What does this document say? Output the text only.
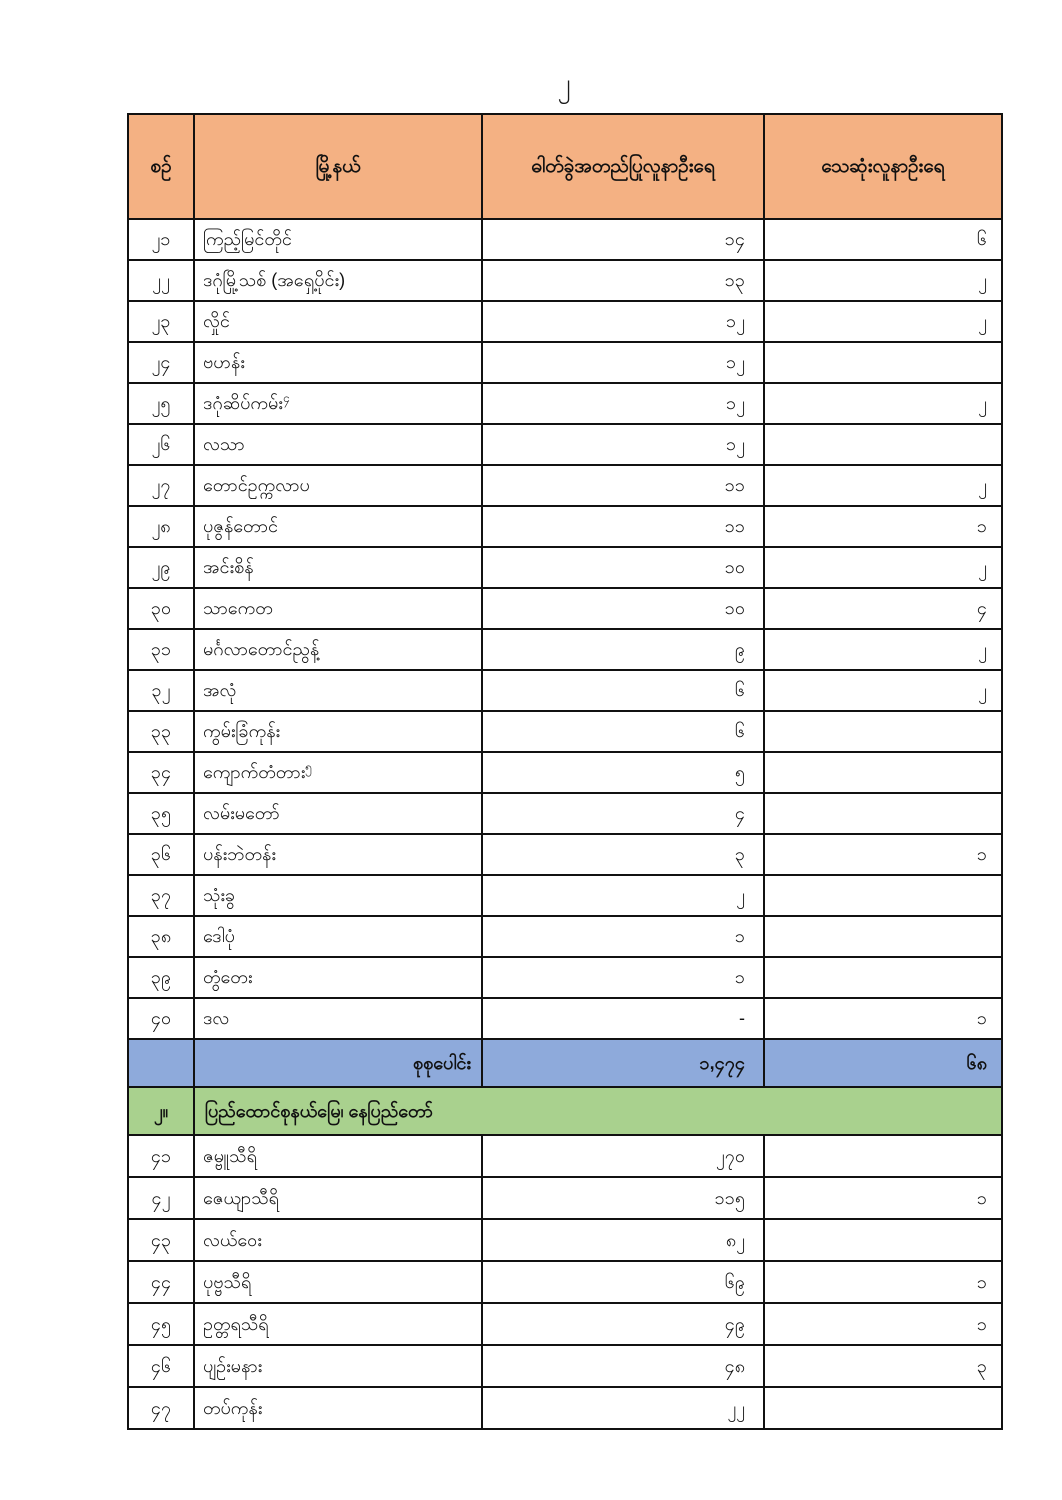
၂
စဉ်	မြို့နယ်	ဓါတ်ခွဲအတည်ပြုလူနာဦးရေ	သေဆုံးလူနာဦးရေ
၂၁	ကြည့်မြင်တိုင်	၁၄	၆
၂၂	ဒဂုံမြို့သစ် (အရှေ့ပိုင်း)	၁၃	၂
၂၃	လှိုင်	၁၂	၂
၂၄	ဗဟန်း	၁၂	
၂၅	ဒဂုံဆိပ်ကမ်း$^၄$	၁၂	၂
၂၆	လသာ	၁၂	
၂၇	တောင်ဥက္ကလာပ	၁၁	၂
၂၈	ပုဇွန်တောင်	၁၁	၁
၂၉	အင်းစိန်	၁၀	၂
၃၀	သာကေတ	၁၀	၄
၃၁	မင်္ဂလာတောင်ညွန့်	၉	၂
၃၂	အလုံ	၆	၂
၃၃	ကွမ်းခြံကုန်း	၆	
၃၄	ကျောက်တံတား$^၅$	၅	
၃၅	လမ်းမတော်	၄	
၃၆	ပန်းဘဲတန်း	၃	၁
၃၇	သုံးခွ	၂	
၃၈	ဒေါပုံ	၁	
၃၉	တွံတေး	၁	
၄၀	ဒလ	-	၁
	စုစုပေါင်း	၁,၄၇၄	၆၈
၂။	ပြည်ထောင်စုနယ်မြေ၊ နေပြည်တော်		
၄၁	ဇမ္ဗူသီရိ	၂၇၀	
၄၂	ဇေယျာသီရိ	၁၁၅	၁
၄၃	လယ်ဝေး	၈၂	
၄၄	ပုဗ္ဗသီရိ	၆၉	၁
၄၅	ဥတ္တရသီရိ	၄၉	၁
၄၆	ပျဉ်းမနား	၄၈	၃
၄၇	တပ်ကုန်း	၂၂	
